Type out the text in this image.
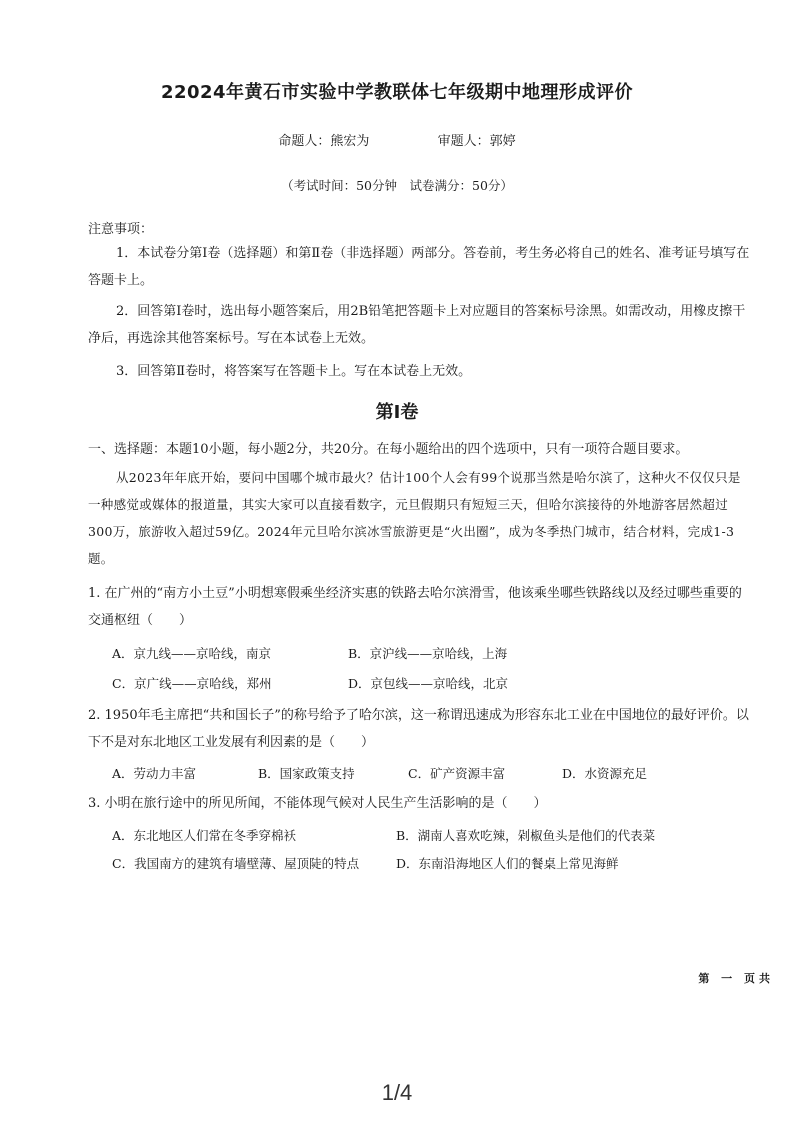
22024年黄石市实验中学教联体七年级期中地理形成评价
命题人：熊宏为	审题人：郭婷
（考试时间：50分钟　试卷满分：50分）
注意事项：
1．本试卷分第Ⅰ卷（选择题）和第Ⅱ卷（非选择题）两部分。答卷前，考生务必将自己的姓名、准考证号填写在答题卡上。
2．回答第Ⅰ卷时，选出每小题答案后，用2B铅笔把答题卡上对应题目的答案标号涂黑。如需改动，用橡皮擦干净后，再选涂其他答案标号。写在本试卷上无效。
3．回答第Ⅱ卷时，将答案写在答题卡上。写在本试卷上无效。
第Ⅰ卷
一、选择题：本题10小题，每小题2分，共20分。在每小题给出的四个选项中，只有一项符合题目要求。
从2023年年底开始，要问中国哪个城市最火？估计100个人会有99个说那当然是哈尔滨了，这种火不仅仅只是一种感觉或媒体的报道量，其实大家可以直接看数字，元旦假期只有短短三天，但哈尔滨接待的外地游客居然超过300万，旅游收入超过59亿。2024年元旦哈尔滨冰雪旅游更是“火出圈”，成为冬季热门城市，结合材料，完成1-3题。
1. 在广州的“南方小土豆”小明想寒假乘坐经济实惠的铁路去哈尔滨滑雪，他该乘坐哪些铁路线以及经过哪些重要的交通枢纽（　　）
A．京九线——京哈线，南京	B．京沪线——京哈线，上海
C．京广线——京哈线，郑州	D．京包线——京哈线，北京
2. 1950年毛主席把“共和国长子”的称号给予了哈尔滨，这一称谓迅速成为形容东北工业在中国地位的最好评价。以下不是对东北地区工业发展有利因素的是（　　）
A．劳动力丰富	B．国家政策支持	C．矿产资源丰富	D．水资源充足
3. 小明在旅行途中的所见所闻，不能体现气候对人民生产生活影响的是（　　）
A．东北地区人们常在冬季穿棉袄	B．湖南人喜欢吃辣，剁椒鱼头是他们的代表菜
C．我国南方的建筑有墙壁薄、屋顶陡的特点	D．东南沿海地区人们的餐桌上常见海鲜
第 一 页共
1/4
